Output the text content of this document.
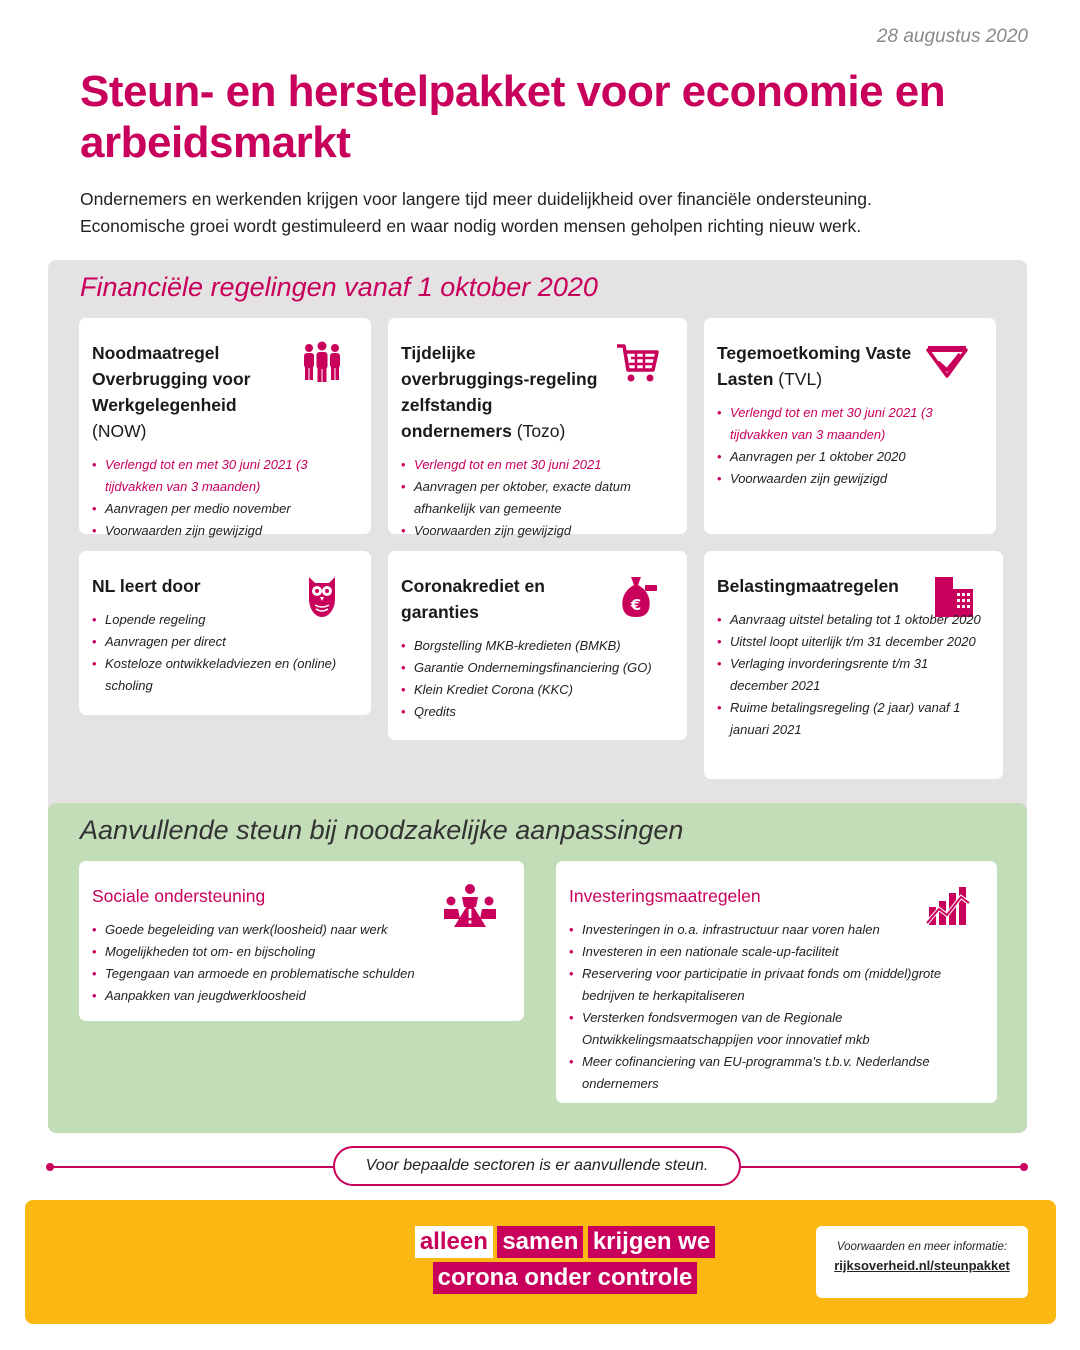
28 augustus 2020
Steun- en herstelpakket voor economie en arbeidsmarkt

Ondernemers en werkenden krijgen voor langere tijd meer duidelijkheid over financiële ondersteuning.

Economische groei wordt gestimuleerd en waar nodig worden mensen geholpen richting nieuw werk.

Financiële regelingen vanaf 1 oktober 2020
Noodmaatregel Overbrugging voor Werkgelegenheid (NOW)
• Verlengd tot en met 30 juni 2021 (3 tijdvakken van 3 maanden)
• Aanvragen per medio november
• Voorwaarden zijn gewijzigd
Tijdelijke overbruggings-regeling zelfstandig ondernemers (Tozo)
• Verlengd tot en met 30 juni 2021
• Aanvragen per oktober, exacte datum afhankelijk van gemeente
• Voorwaarden zijn gewijzigd
Tegemoetkoming Vaste Lasten (TVL)
• Verlengd tot en met 30 juni 2021 (3 tijdvakken van 3 maanden)
• Aanvragen per 1 oktober 2020
• Voorwaarden zijn gewijzigd
NL leert door
• Lopende regeling
• Aanvragen per direct
• Kosteloze ontwikkeladviezen en (online) scholing
Coronakrediet en garanties	€
• Borgstelling MKB-kredieten (BMKB)
• Garantie Ondernemingsfinanciering (GO)
• Klein Krediet Corona (KKC)
• Qredits
Belastingmaatregelen
• Aanvraag uitstel betaling tot 1 oktober 2020
• Uitstel loopt uiterlijk t/m 31 december 2020
• Verlaging invorderingsrente t/m 31 december 2021
• Ruime betalingsregeling (2 jaar) vanaf 1 januari 2021
Aanvullende steun bij noodzakelijke aanpassingen
Sociale ondersteuning
• Goede begeleiding van werk(loosheid) naar werk
• Mogelijkheden tot om- en bijscholing
• Tegengaan van armoede en problematische schulden
• Aanpakken van jeugdwerkloosheid
Investeringsmaatregelen
• Investeringen in o.a. infrastructuur naar voren halen
• Investeren in een nationale scale-up-faciliteit
• Reservering voor participatie in privaat fonds om (middel)grote bedrijven te herkapitaliseren
• Versterken fondsvermogen van de Regionale Ontwikkelingsmaatschappijen voor innovatief mkb
• Meer cofinanciering van EU-programma's t.b.v. Nederlandse ondernemers
Voor bepaalde sectoren is er aanvullende steun.
alleen samen krijgen we
corona onder controle
Voorwaarden en meer informatie:
rijksoverheid.nl/steunpakket
